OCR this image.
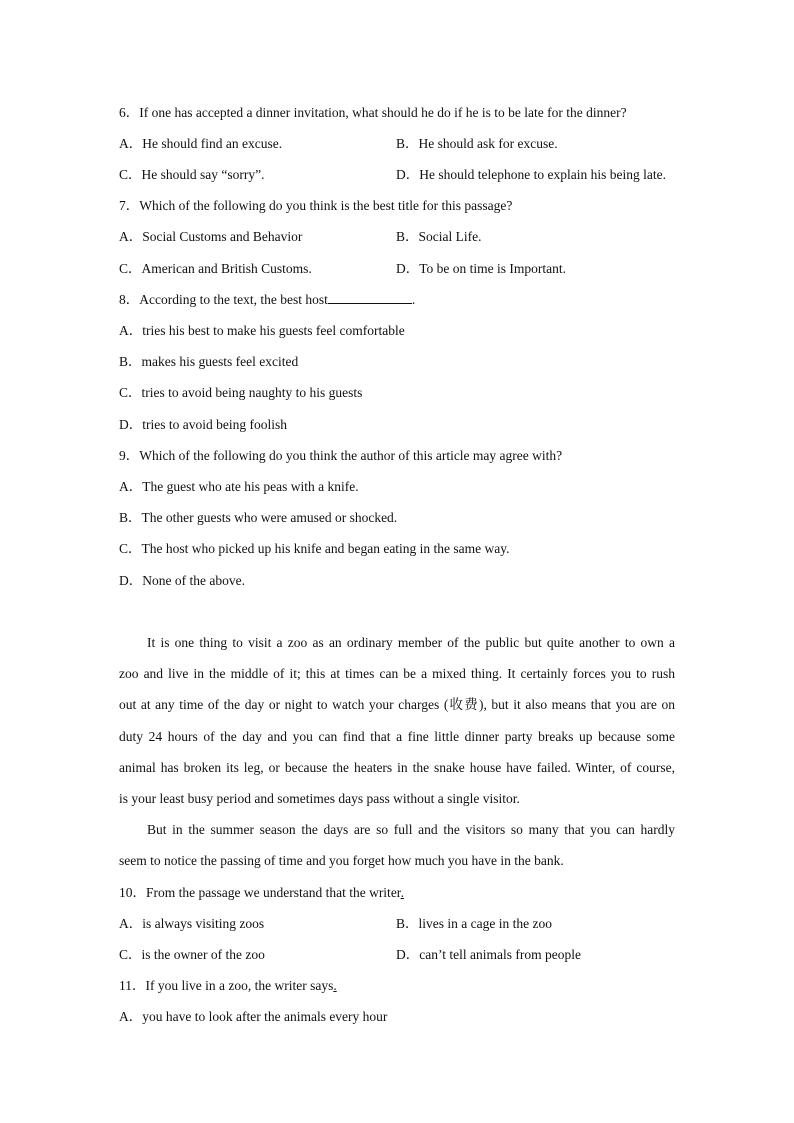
6．If one has accepted a dinner invitation, what should he do if he is to be late for the dinner?
A．He should find an excuse.	B．He should ask for excuse.
C．He should say “sorry”.	D．He should telephone to explain his being late.
7．Which of the following do you think is the best title for this passage?
A．Social Customs and Behavior	B．Social Life.
C．American and British Customs.	D．To be on time is Important.
8．According to the text, the best host	.
A．tries his best to make his guests feel comfortable
B．makes his guests feel excited
C．tries to avoid being naughty to his guests
D．tries to avoid being foolish
9．Which of the following do you think the author of this article may agree with?
A．The guest who ate his peas with a knife.
B．The other guests who were amused or shocked.
C．The host who picked up his knife and began eating in the same way.
D．None of the above.
It is one thing to visit a zoo as an ordinary member of the public but quite another to own a
zoo and live in the middle of it; this at times can be a mixed thing. It certainly forces you to rush
out at any time of the day or night to watch your charges (收费), but it also means that you are on
duty 24 hours of the day and you can find that a fine little dinner party breaks up because some
animal has broken its leg, or because the heaters in the snake house have failed. Winter, of course,
is your least busy period and sometimes days pass without a single visitor.
But in the summer season the days are so full and the visitors so many that you can hardly
seem to notice the passing of time and you forget how much you have in the bank.
10．From the passage we understand that the writer.
A．is always visiting zoos	B．lives in a cage in the zoo
C．is the owner of the zoo	D．can’t tell animals from people
11．If you live in a zoo, the writer says.
A．you have to look after the animals every hour
